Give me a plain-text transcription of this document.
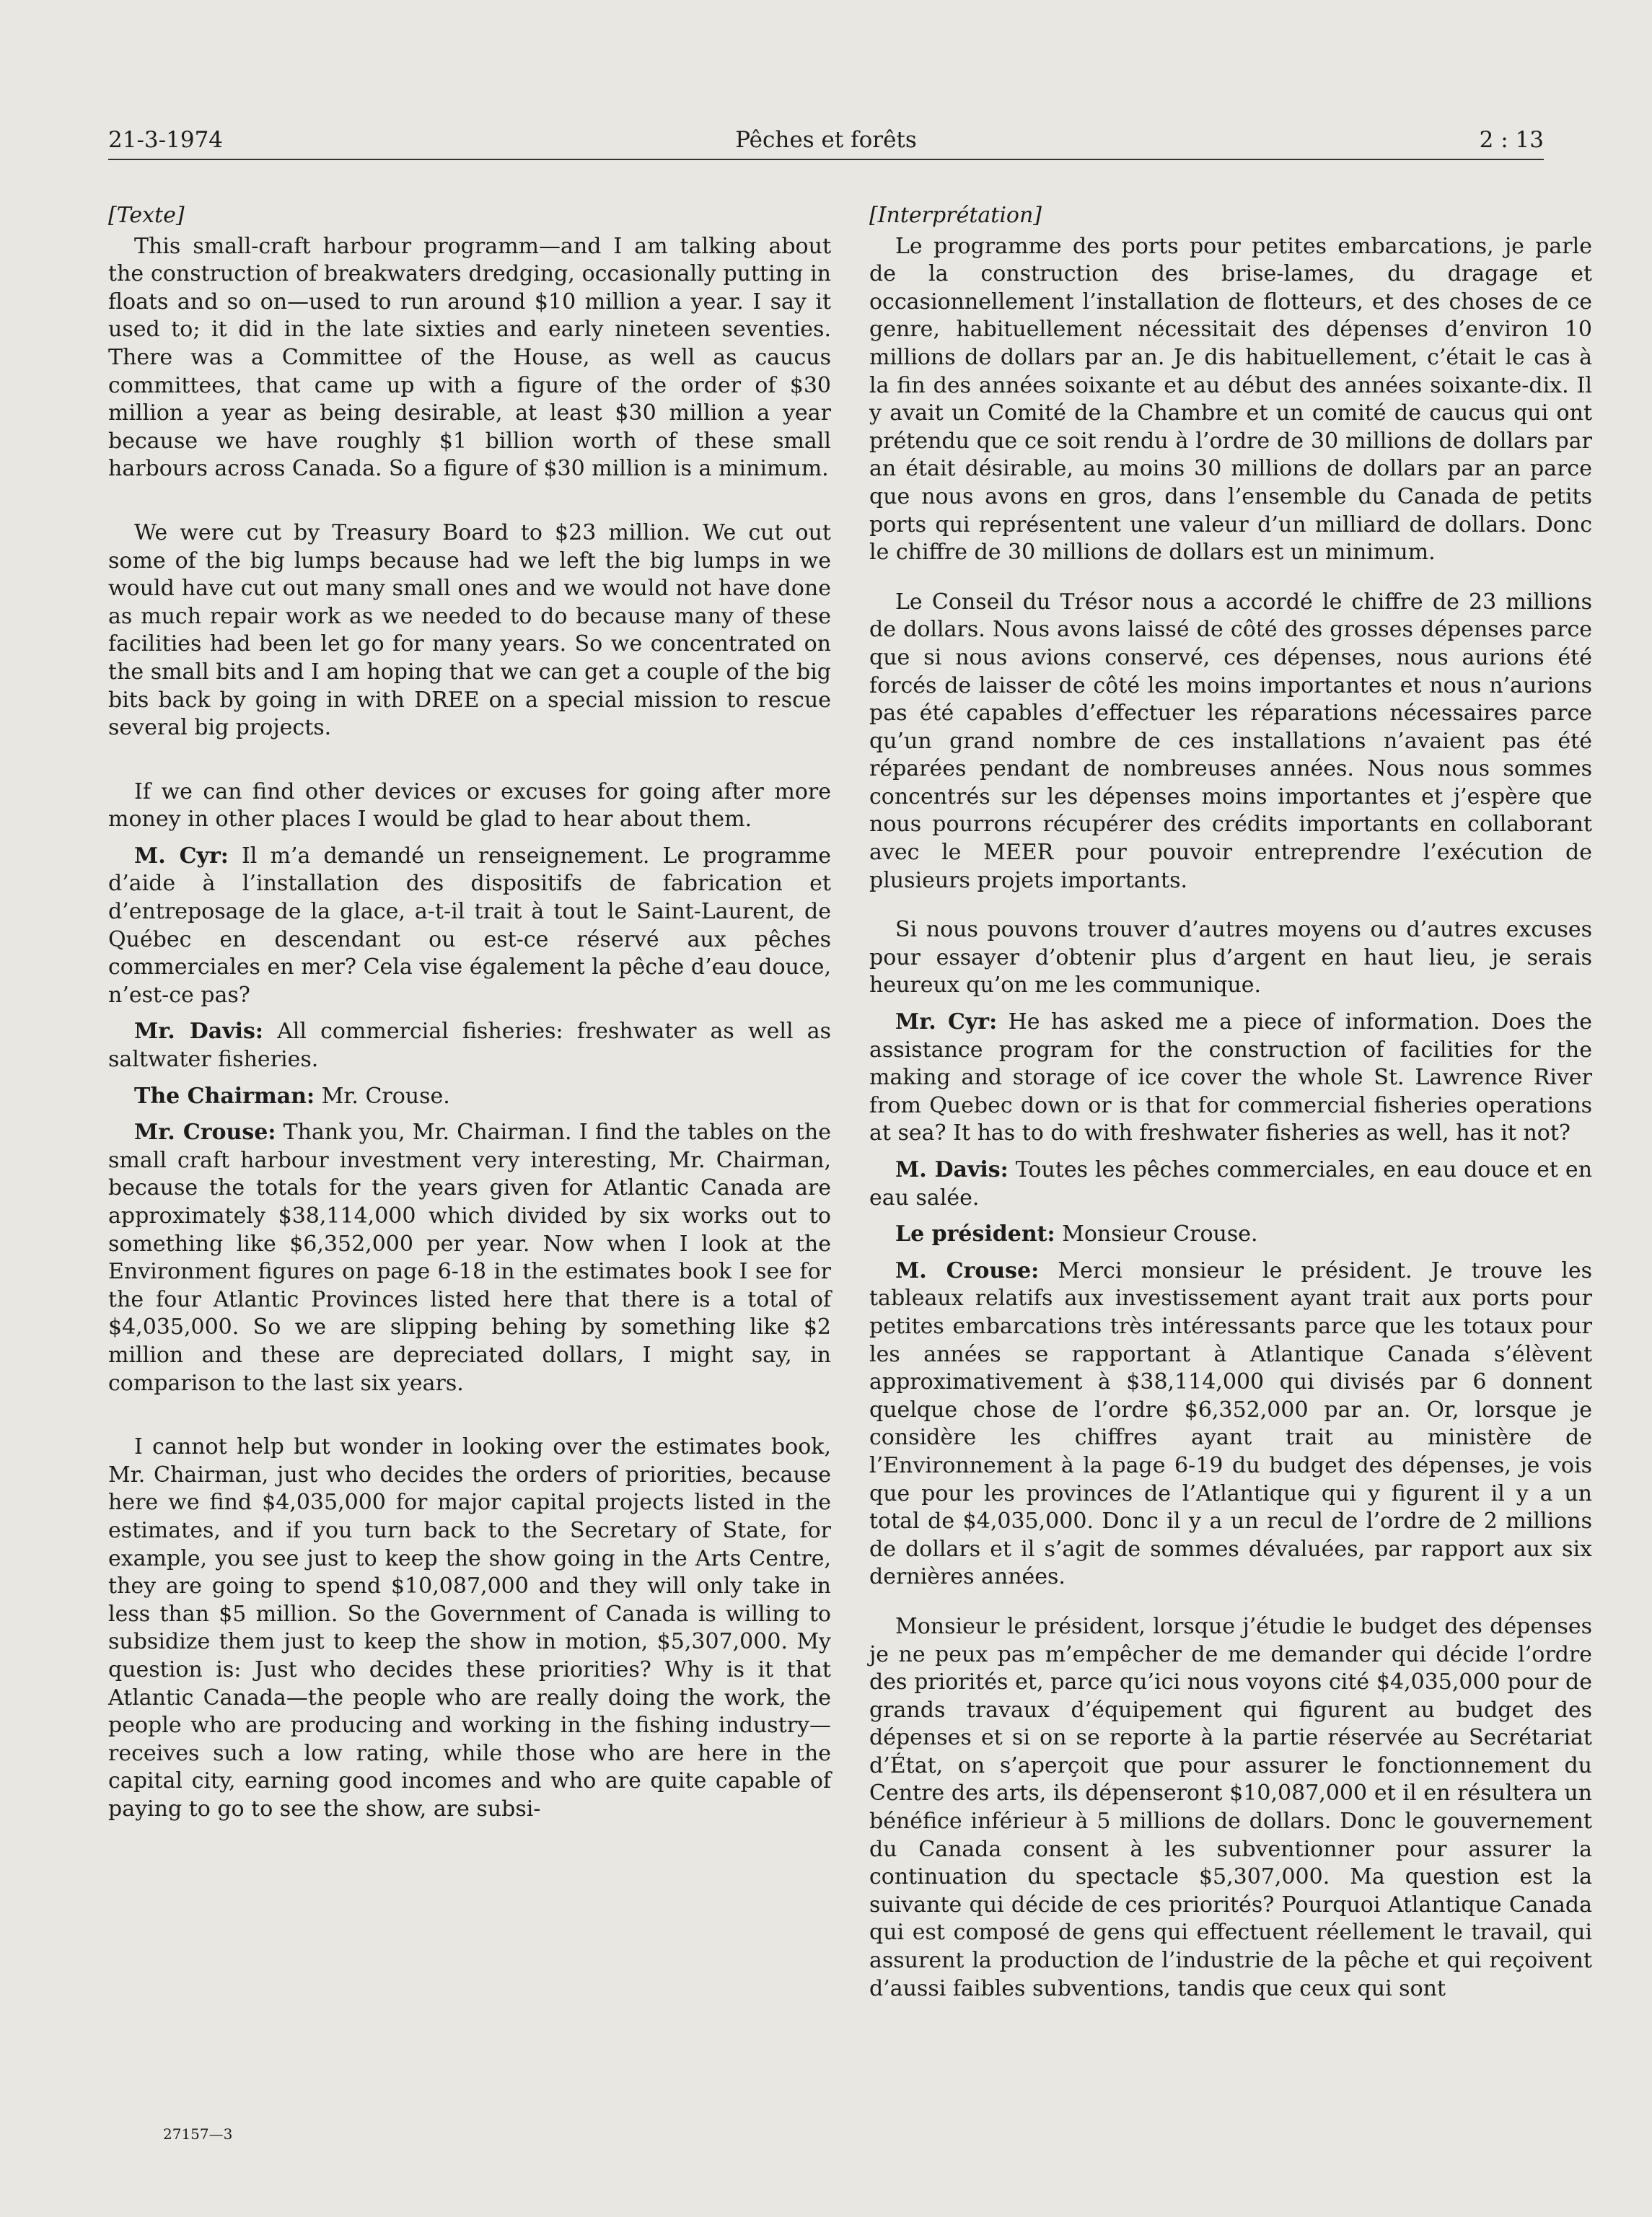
21-3-1974	Pêches et forêts	2 : 13
[Texte]

This small-craft harbour programm—and I am talking about the construction of breakwaters dredging, occasionally putting in floats and so on—used to run around $10 million a year. I say it used to; it did in the late sixties and early nineteen seventies. There was a Committee of the House, as well as caucus committees, that came up with a figure of the order of $30 million a year as being desirable, at least $30 million a year because we have roughly $1 billion worth of these small harbours across Canada. So a figure of $30 million is a minimum.

We were cut by Treasury Board to $23 million. We cut out some of the big lumps because had we left the big lumps in we would have cut out many small ones and we would not have done as much repair work as we needed to do because many of these facilities had been let go for many years. So we concentrated on the small bits and I am hoping that we can get a couple of the big bits back by going in with DREE on a special mission to rescue several big projects.

If we can find other devices or excuses for going after more money in other places I would be glad to hear about them.

M. Cyr: Il m’a demandé un renseignement. Le programme d’aide à l’installation des dispositifs de fabrication et d’entreposage de la glace, a-t-il trait à tout le Saint-Laurent, de Québec en descendant ou est-ce réservé aux pêches commerciales en mer? Cela vise également la pêche d’eau douce, n’est-ce pas?

Mr. Davis: All commercial fisheries: freshwater as well as saltwater fisheries.

The Chairman: Mr. Crouse.

Mr. Crouse: Thank you, Mr. Chairman. I find the tables on the small craft harbour investment very interesting, Mr. Chairman, because the totals for the years given for Atlantic Canada are approximately $38,114,000 which divided by six works out to something like $6,352,000 per year. Now when I look at the Environment figures on page 6-18 in the estimates book I see for the four Atlantic Provinces listed here that there is a total of $4,035,000. So we are slipping behing by something like $2 million and these are depreciated dollars, I might say, in comparison to the last six years.

I cannot help but wonder in looking over the estimates book, Mr. Chairman, just who decides the orders of priorities, because here we find $4,035,000 for major capital projects listed in the estimates, and if you turn back to the Secretary of State, for example, you see just to keep the show going in the Arts Centre, they are going to spend $10,087,000 and they will only take in less than $5 million. So the Government of Canada is willing to subsidize them just to keep the show in motion, $5,307,000. My question is: Just who decides these priorities? Why is it that Atlantic Canada—the people who are really doing the work, the people who are producing and working in the fishing industry—receives such a low rating, while those who are here in the capital city, earning good incomes and who are quite capable of paying to go to see the show, are subsi-

[Interprétation]

Le programme des ports pour petites embarcations, je parle de la construction des brise-lames, du dragage et occasionnellement l’installation de flotteurs, et des choses de ce genre, habituellement nécessitait des dépenses d’environ 10 millions de dollars par an. Je dis habituellement, c’était le cas à la fin des années soixante et au début des années soixante-dix. Il y avait un Comité de la Chambre et un comité de caucus qui ont prétendu que ce soit rendu à l’ordre de 30 millions de dollars par an était désirable, au moins 30 millions de dollars par an parce que nous avons en gros, dans l’ensemble du Canada de petits ports qui représentent une valeur d’un milliard de dollars. Donc le chiffre de 30 millions de dollars est un minimum.

Le Conseil du Trésor nous a accordé le chiffre de 23 millions de dollars. Nous avons laissé de côté des grosses dépenses parce que si nous avions conservé, ces dépenses, nous aurions été forcés de laisser de côté les moins importantes et nous n’aurions pas été capables d’effectuer les réparations nécessaires parce qu’un grand nombre de ces installations n’avaient pas été réparées pendant de nombreuses années. Nous nous sommes concentrés sur les dépenses moins importantes et j’espère que nous pourrons récupérer des crédits importants en collaborant avec le MEER pour pouvoir entreprendre l’exécution de plusieurs projets importants.

Si nous pouvons trouver d’autres moyens ou d’autres excuses pour essayer d’obtenir plus d’argent en haut lieu, je serais heureux qu’on me les communique.

Mr. Cyr: He has asked me a piece of information. Does the assistance program for the construction of facilities for the making and storage of ice cover the whole St. Lawrence River from Quebec down or is that for commercial fisheries operations at sea? It has to do with freshwater fisheries as well, has it not?

M. Davis: Toutes les pêches commerciales, en eau douce et en eau salée.

Le président: Monsieur Crouse.

M. Crouse: Merci monsieur le président. Je trouve les tableaux relatifs aux investissement ayant trait aux ports pour petites embarcations très intéressants parce que les totaux pour les années se rapportant à Atlantique Canada s’élèvent approximativement à $38,114,000 qui divisés par 6 donnent quelque chose de l’ordre $6,352,000 par an. Or, lorsque je considère les chiffres ayant trait au ministère de l’Environnement à la page 6-19 du budget des dépenses, je vois que pour les provinces de l’Atlantique qui y figurent il y a un total de $4,035,000. Donc il y a un recul de l’ordre de 2 millions de dollars et il s’agit de sommes dévaluées, par rapport aux six dernières années.

Monsieur le président, lorsque j’étudie le budget des dépenses je ne peux pas m’empêcher de me demander qui décide l’ordre des priorités et, parce qu’ici nous voyons cité $4,035,000 pour de grands travaux d’équipement qui figurent au budget des dépenses et si on se reporte à la partie réservée au Secrétariat d’État, on s’aperçoit que pour assurer le fonctionnement du Centre des arts, ils dépenseront $10,087,000 et il en résultera un bénéfice inférieur à 5 millions de dollars. Donc le gouvernement du Canada consent à les subventionner pour assurer la continuation du spectacle $5,307,000. Ma question est la suivante qui décide de ces priorités? Pourquoi Atlantique Canada qui est composé de gens qui effectuent réellement le travail, qui assurent la production de l’industrie de la pêche et qui reçoivent d’aussi faibles subventions, tandis que ceux qui sont

27157—3
